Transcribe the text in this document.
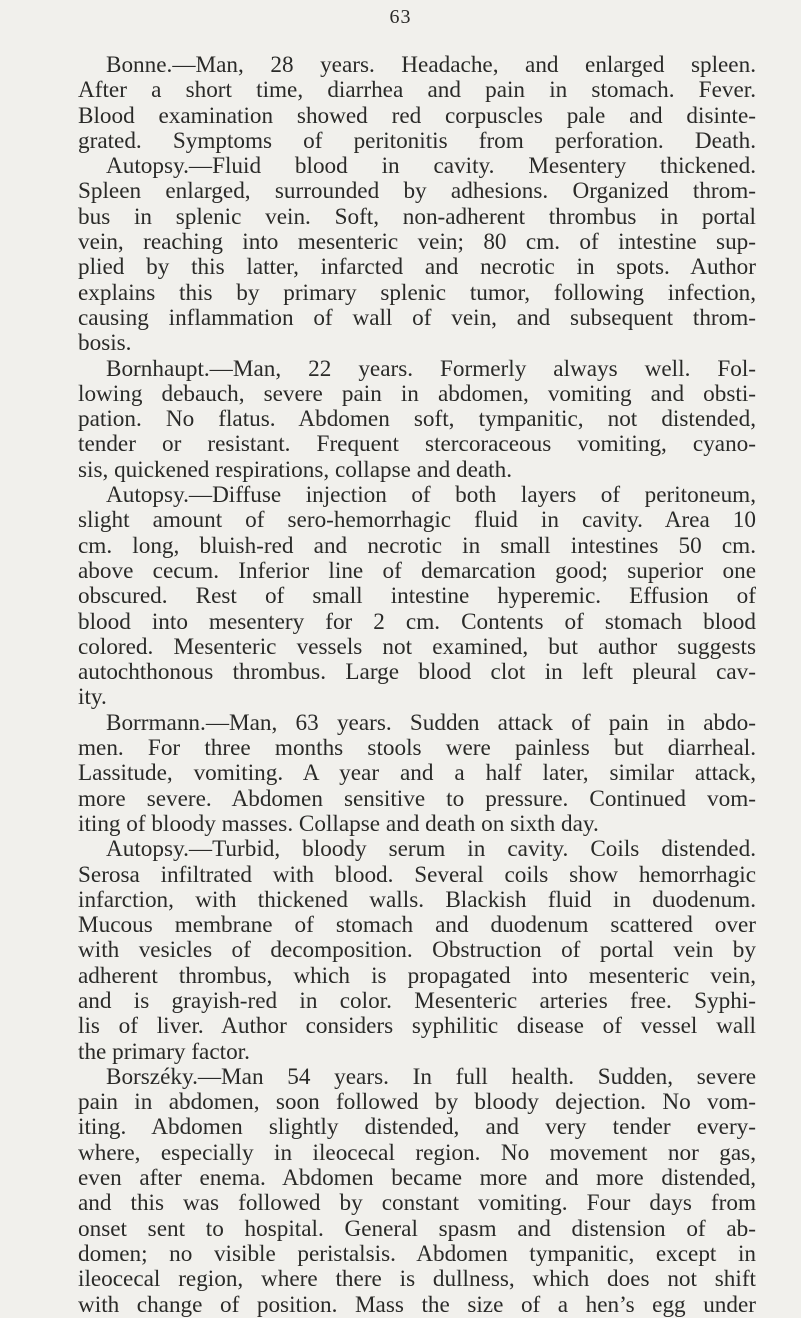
63
Bonne.—Man, 28 years. Headache, and enlarged spleen.
After a short time, diarrhea and pain in stomach. Fever.
Blood examination showed red corpuscles pale and disinte-
grated. Symptoms of peritonitis from perforation. Death.
Autopsy.—Fluid blood in cavity. Mesentery thickened.
Spleen enlarged, surrounded by adhesions. Organized throm-
bus in splenic vein. Soft, non-adherent thrombus in portal
vein, reaching into mesenteric vein; 80 cm. of intestine sup-
plied by this latter, infarcted and necrotic in spots. Author
explains this by primary splenic tumor, following infection,
causing inflammation of wall of vein, and subsequent throm-
bosis.
Bornhaupt.—Man, 22 years. Formerly always well. Fol-
lowing debauch, severe pain in abdomen, vomiting and obsti-
pation. No flatus. Abdomen soft, tympanitic, not distended,
tender or resistant. Frequent stercoraceous vomiting, cyano-
sis, quickened respirations, collapse and death.
Autopsy.—Diffuse injection of both layers of peritoneum,
slight amount of sero-hemorrhagic fluid in cavity. Area 10
cm. long, bluish-red and necrotic in small intestines 50 cm.
above cecum. Inferior line of demarcation good; superior one
obscured. Rest of small intestine hyperemic. Effusion of
blood into mesentery for 2 cm. Contents of stomach blood
colored. Mesenteric vessels not examined, but author suggests
autochthonous thrombus. Large blood clot in left pleural cav-
ity.
Borrmann.—Man, 63 years. Sudden attack of pain in abdo-
men. For three months stools were painless but diarrheal.
Lassitude, vomiting. A year and a half later, similar attack,
more severe. Abdomen sensitive to pressure. Continued vom-
iting of bloody masses. Collapse and death on sixth day.
Autopsy.—Turbid, bloody serum in cavity. Coils distended.
Serosa infiltrated with blood. Several coils show hemorrhagic
infarction, with thickened walls. Blackish fluid in duodenum.
Mucous membrane of stomach and duodenum scattered over
with vesicles of decomposition. Obstruction of portal vein by
adherent thrombus, which is propagated into mesenteric vein,
and is grayish-red in color. Mesenteric arteries free. Syphi-
lis of liver. Author considers syphilitic disease of vessel wall
the primary factor.
Borszéky.—Man 54 years. In full health. Sudden, severe
pain in abdomen, soon followed by bloody dejection. No vom-
iting. Abdomen slightly distended, and very tender every-
where, especially in ileocecal region. No movement nor gas,
even after enema. Abdomen became more and more distended,
and this was followed by constant vomiting. Four days from
onset sent to hospital. General spasm and distension of ab-
domen; no visible peristalsis. Abdomen tympanitic, except in
ileocecal region, where there is dullness, which does not shift
with change of position. Mass the size of a hen’s egg under
